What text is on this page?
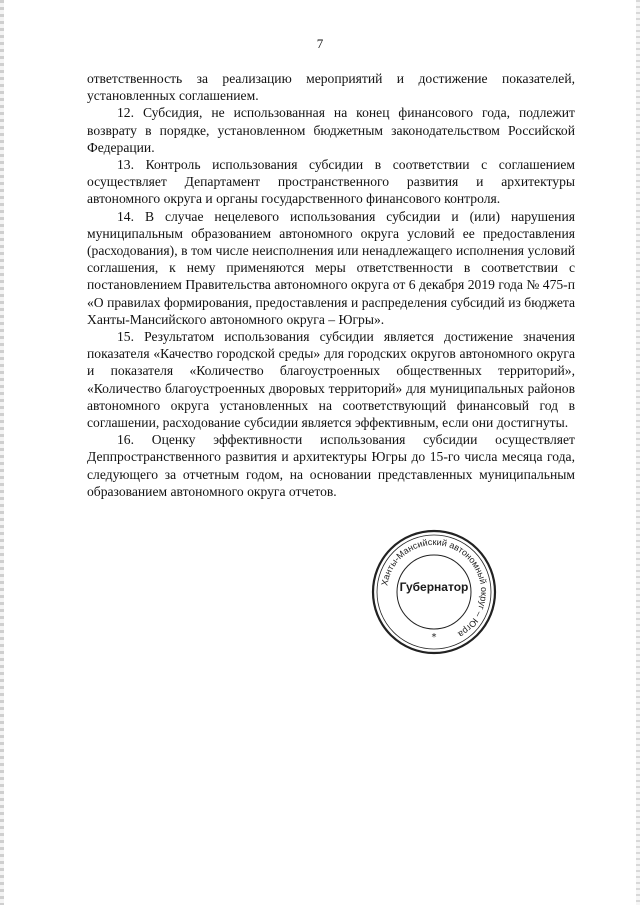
7

ответственность за реализацию мероприятий и достижение показателей, установленных соглашением.

12. Субсидия, не использованная на конец финансового года, подлежит возврату в порядке, установленном бюджетным законодательством Российской Федерации.

13. Контроль использования субсидии в соответствии с соглашением осуществляет Департамент пространственного развития и архитектуры автономного округа и органы государственного финансового контроля.

14. В случае нецелевого использования субсидии и (или) нарушения муниципальным образованием автономного округа условий ее предоставления (расходования), в том числе неисполнения или ненадлежащего исполнения условий соглашения, к нему применяются меры ответственности в соответствии с постановлением Правительства автономного округа от 6 декабря 2019 года № 475-п «О правилах формирования, предоставления и распределения субсидий из бюджета Ханты-Мансийского автономного округа – Югры».

15. Результатом использования субсидии является достижение значения показателя «Качество городской среды» для городских округов автономного округа и показателя «Количество благоустроенных общественных территорий», «Количество благоустроенных дворовых территорий» для муниципальных районов автономного округа установленных на соответствующий финансовый год в соглашении, расходование субсидии является эффективным, если они достигнуты.

16. Оценку эффективности использования субсидии осуществляет Деппространственного развития и архитектуры Югры до 15-го числа месяца года, следующего за отчетным годом, на основании представленных муниципальным образованием автономного округа отчетов.

Ханты-Мансийский автономный округ – Югра
*
Губернатор
